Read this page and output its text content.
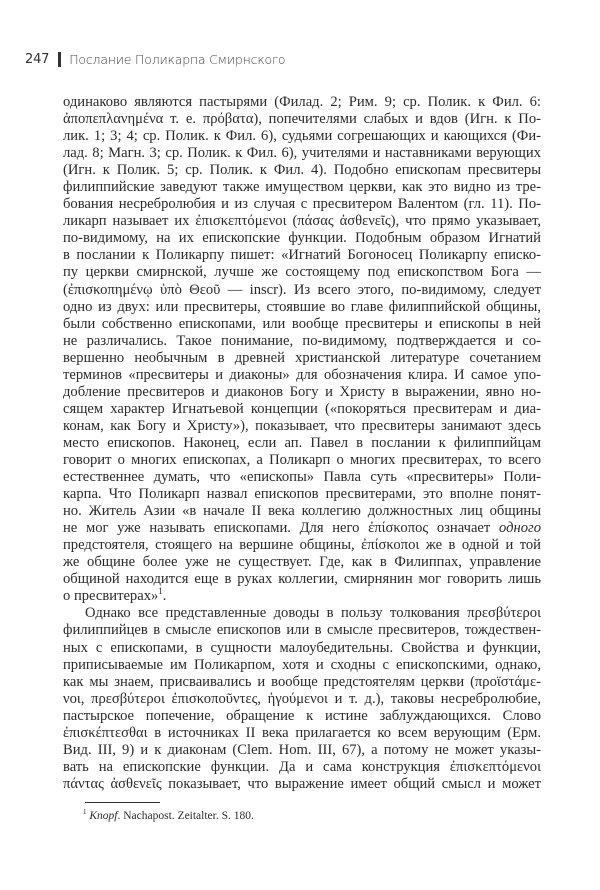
247 Послание Поликарпа Смирнского
одинаково являются пастырями (Филад. 2; Рим. 9; ср. Полик. к Фил. 6:
ἀποπεπλανημένα т. е. πρόβατα), попечителями слабых и вдов (Игн. к По-
лик. 1; 3; 4; ср. Полик. к Фил. 6), судьями согрешающих и кающихся (Фи-
лад. 8; Магн. 3; ср. Полик. к Фил. 6), учителями и наставниками верующих
(Игн. к Полик. 5; ср. Полик. к Фил. 4). Подобно епископам пресвитеры
филиппийские заведуют также имуществом церкви, как это видно из тре-
бования несребролюбия и из случая с пресвитером Валентом (гл. 11). По-
ликарп называет их ἐπισκεπτόμενοι (πάσας ἀσθενεῖς), что прямо указывает,
по-видимому, на их епископские функции. Подобным образом Игнатий
в послании к Поликарпу пишет: «Игнатий Богоносец Поликарпу еписко-
пу церкви смирнской, лучше же состоящему под епископством Бога —
(ἐπισκοπημένῳ ὑπὸ Θεοῦ — inscr). Из всего этого, по-видимому, следует
одно из двух: или пресвитеры, стоявшие во главе филиппийской общины,
были собственно епископами, или вообще пресвитеры и епископы в ней
не различались. Такое понимание, по-видимому, подтверждается и со-
вершенно необычным в древней христианской литературе сочетанием
терминов «пресвитеры и диаконы» для обозначения клира. И самое упо-
добление пресвитеров и диаконов Богу и Христу в выражении, явно но-
сящем характер Игнатьевой концепции («покоряться пресвитерам и диа-
конам, как Богу и Христу»), показывает, что пресвитеры занимают здесь
место епископов. Наконец, если ап. Павел в послании к филиппийцам
говорит о многих епископах, а Поликарп о многих пресвитерах, то всего
естественнее думать, что «епископы» Павла суть «пресвитеры» Поли-
карпа. Что Поликарп назвал епископов пресвитерами, это вполне понят-
но. Житель Азии «в начале II века коллегию должностных лиц общины
не мог уже называть епископами. Для него ἐπίσκοπος означает одного
предстоятеля, стоящего на вершине общины, ἐπίσκοποι же в одной и той
же общине более уже не существует. Где, как в Филиппах, управление
общиной находится еще в руках коллегии, смирнянин мог говорить лишь
о пресвитерах»$^1$.
Однако все представленные доводы в пользу толкования πρεσβύτεροι
филиппийцев в смысле епископов или в смысле пресвитеров, тождествен-
ных с епископами, в сущности малоубедительны. Свойства и функции,
приписываемые им Поликарпом, хотя и сходны с епископскими, однако,
как мы знаем, присваивались и вообще предстоятелям церкви (προϊστάμε-
νοι, πρεσβύτεροι ἐπισκοποῦντες, ἡγούμενοι и т. д.), таковы несребролюбие,
пастырское попечение, обращение к истине заблуждающихся. Слово
ἐπισκέπτεσθαι в источниках II века прилагается ко всем верующим (Ерм.
Вид. III, 9) и к диаконам (Clem. Hom. III, 67), а потому не может указы-
вать на епископские функции. Да и сама конструкция ἐπισκεπτόμενοι
πάντας ἀσθενεῖς показывает, что выражение имеет общий смысл и может
$^1$ Knopf. Nachapost. Zeitalter. S. 180.
